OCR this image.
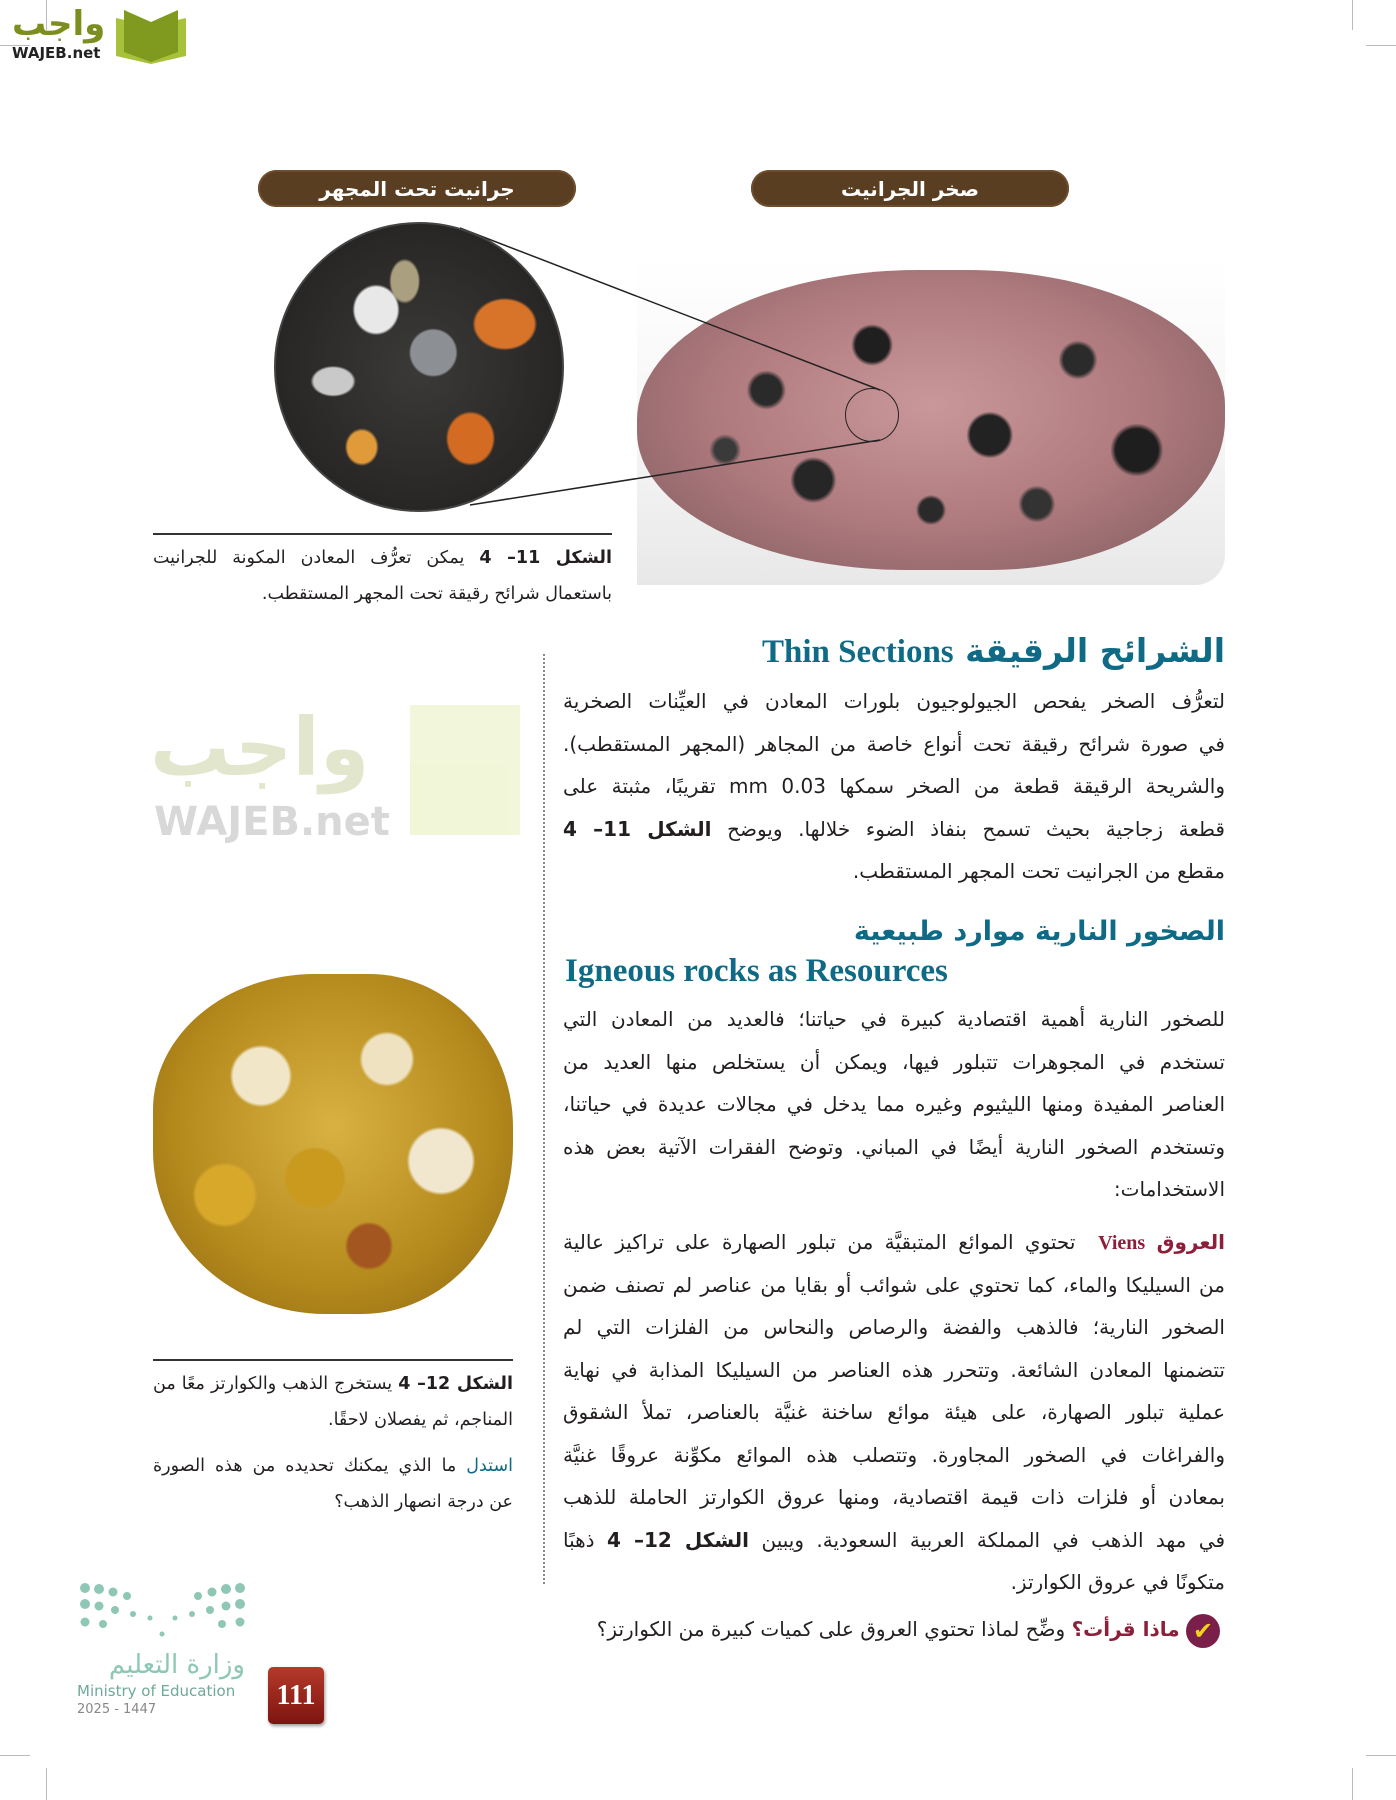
واجب
WAJEB.net
جرانيت تحت المجهر	صخر الجرانيت
الشكل 11– 4 يمكن تعرُّف المعادن المكونة للجرانيت
باستعمال شرائح رقيقة تحت المجهر المستقطب.
واجب
WAJEB.net
الشرائح الرقيقة Thin Sections
لتعرُّف الصخر يفحص الجيولوجيون بلورات المعادن في العيِّنات الصخرية
في صورة شرائح رقيقة تحت أنواع خاصة من المجاهر (المجهر المستقطب).
والشريحة الرقيقة قطعة من الصخر سمكها 0.03 mm تقريبًا، مثبتة على
قطعة زجاجية بحيث تسمح بنفاذ الضوء خلالها. ويوضح الشكل 11– 4
مقطع من الجرانيت تحت المجهر المستقطب.
الصخور النارية موارد طبيعية
Igneous rocks as Resources
للصخور النارية أهمية اقتصادية كبيرة في حياتنا؛ فالعديد من المعادن التي
تستخدم في المجوهرات تتبلور فيها، ويمكن أن يستخلص منها العديد من
العناصر المفيدة ومنها الليثيوم وغيره مما يدخل في مجالات عديدة في حياتنا،
وتستخدم الصخور النارية أيضًا في المباني. وتوضح الفقرات الآتية بعض هذه
الاستخدامات:
العروق Viens  تحتوي الموائع المتبقيَّة من تبلور الصهارة على تراكيز عالية
من السيليكا والماء، كما تحتوي على شوائب أو بقايا من عناصر لم تصنف ضمن
الصخور النارية؛ فالذهب والفضة والرصاص والنحاس من الفلزات التي لم
تتضمنها المعادن الشائعة. وتتحرر هذه العناصر من السيليكا المذابة في نهاية
عملية تبلور الصهارة، على هيئة موائع ساخنة غنيَّة بالعناصر، تملأ الشقوق
والفراغات في الصخور المجاورة. وتتصلب هذه الموائع مكوِّنة عروقًا غنيَّة
بمعادن أو فلزات ذات قيمة اقتصادية، ومنها عروق الكوارتز الحاملة للذهب
في مهد الذهب في المملكة العربية السعودية. ويبين الشكل 12– 4 ذهبًا
متكونًا في عروق الكوارتز.
✔ ماذا قرأت؟ وضِّح لماذا تحتوي العروق على كميات كبيرة من الكوارتز؟
الشكل 12– 4 يستخرج الذهب والكوارتز معًا من
المناجم، ثم يفصلان لاحقًا.
استدل ما الذي يمكنك تحديده من هذه الصورة
عن درجة انصهار الذهب؟
وزارة التعليم
Ministry of Education
2025 - 1447	111
